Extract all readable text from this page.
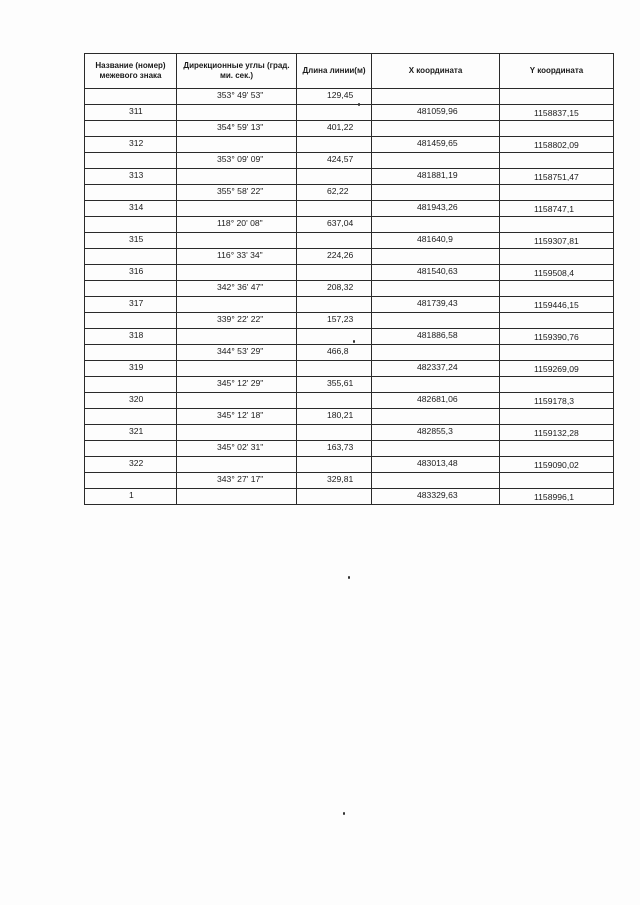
Название (номер) межевого знака	Дирекционные углы (град. ми. сек.)	Длина линии(м)	X координата	Y координата

	353° 49' 53"	129,45		

311			481059,96	1158837,15

	354° 59' 13"	401,22		

312			481459,65	1158802,09

	353° 09' 09"	424,57		

313			481881,19	1158751,47

	355° 58' 22"	62,22		

314			481943,26	1158747,1

	118° 20' 08"	637,04		

315			481640,9	1159307,81

	116° 33' 34"	224,26		

316			481540,63	1159508,4

	342° 36' 47"	208,32		

317			481739,43	1159446,15

	339° 22' 22"	157,23		

318			481886,58	1159390,76

	344° 53' 29"	466,8		

319			482337,24	1159269,09

	345° 12' 29"	355,61		

320			482681,06	1159178,3

	345° 12' 18"	180,21		

321			482855,3	1159132,28

	345° 02' 31"	163,73		

322			483013,48	1159090,02

	343° 27' 17"	329,81		

1			483329,63	1158996,1
